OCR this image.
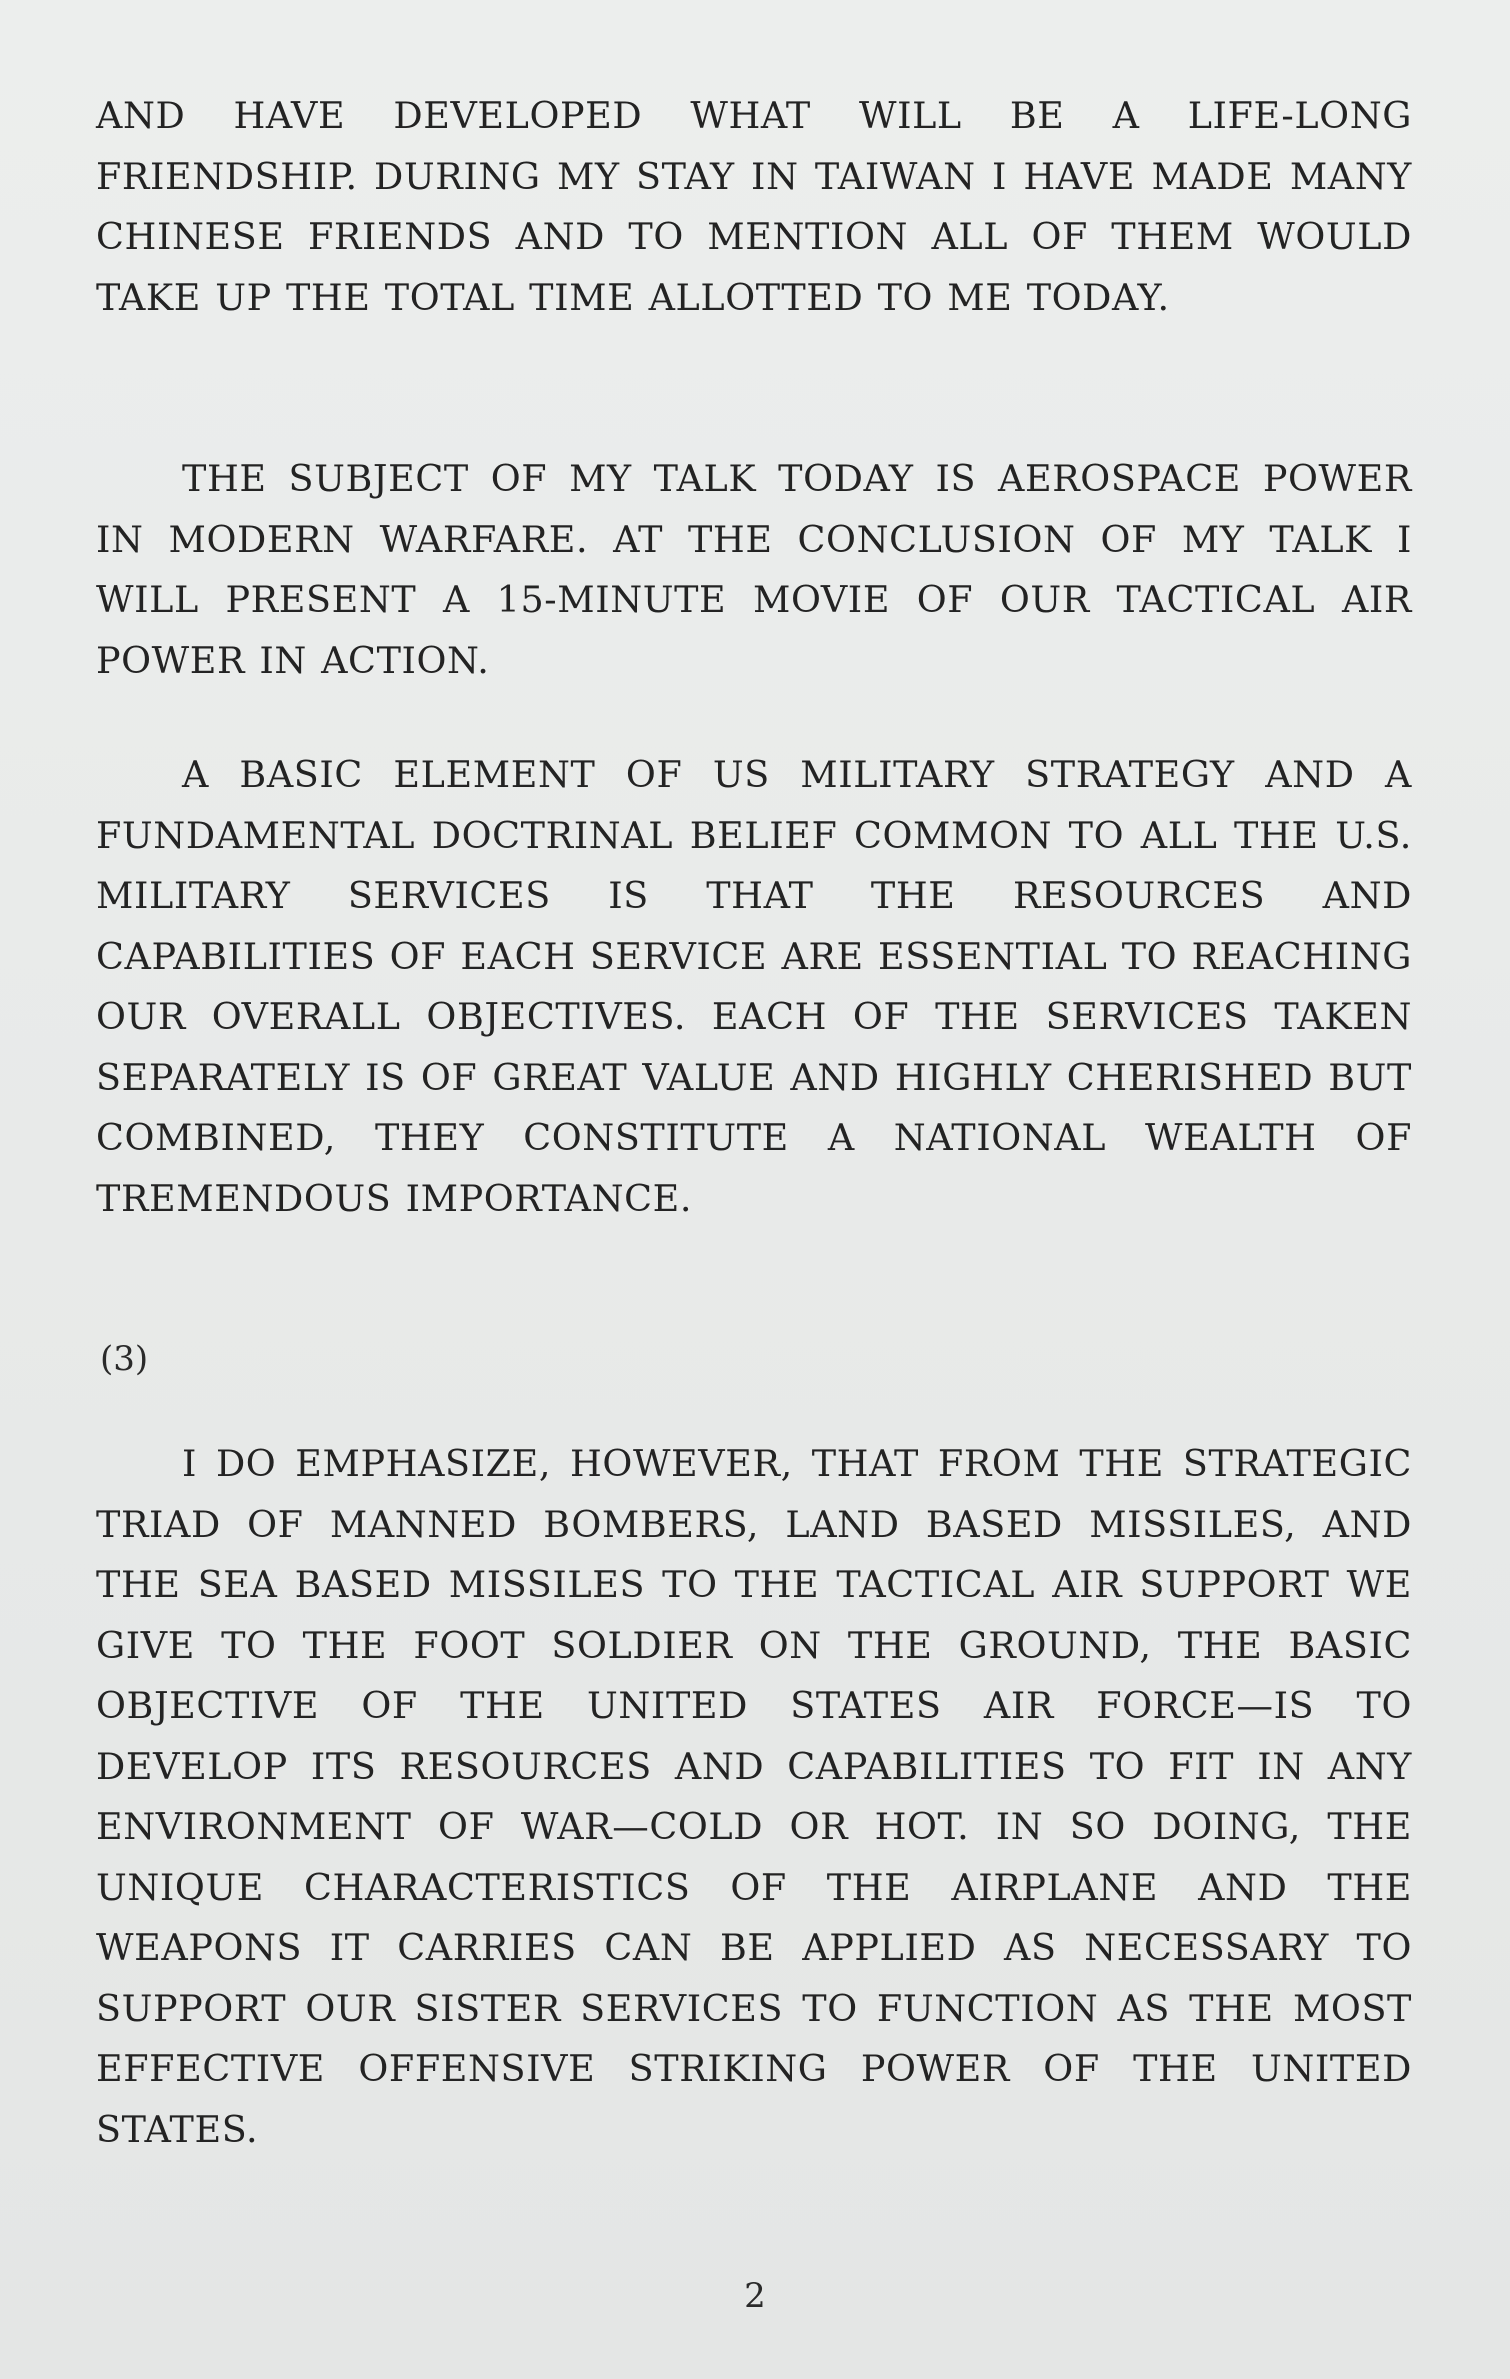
AND HAVE DEVELOPED WHAT WILL BE A LIFE-LONG FRIENDSHIP. DURING MY STAY IN TAIWAN I HAVE MADE MANY CHINESE FRIENDS AND TO MENTION ALL OF THEM WOULD TAKE UP THE TOTAL TIME ALLOTTED TO ME TODAY.

THE SUBJECT OF MY TALK TODAY IS AEROSPACE POWER IN MODERN WARFARE. AT THE CONCLUSION OF MY TALK I WILL PRESENT A 15-MINUTE MOVIE OF OUR TACTICAL AIR POWER IN ACTION.

A BASIC ELEMENT OF US MILITARY STRATEGY AND A FUNDAMENTAL DOCTRINAL BELIEF COMMON TO ALL THE U.S. MILITARY SERVICES IS THAT THE RESOURCES AND CAPABILITIES OF EACH SERVICE ARE ESSENTIAL TO REACHING OUR OVERALL OBJECTIVES. EACH OF THE SERVICES TAKEN SEPARATELY IS OF GREAT VALUE AND HIGHLY CHERISHED BUT COMBINED, THEY CONSTITUTE A NATIONAL WEALTH OF TREMENDOUS IMPORTANCE.

(3)

I DO EMPHASIZE, HOWEVER, THAT FROM THE STRATEGIC TRIAD OF MANNED BOMBERS, LAND BASED MISSILES, AND THE SEA BASED MISSILES TO THE TACTICAL AIR SUPPORT WE GIVE TO THE FOOT SOLDIER ON THE GROUND, THE BASIC OBJECTIVE OF THE UNITED STATES AIR FORCE—IS TO DEVELOP ITS RESOURCES AND CAPABILITIES TO FIT IN ANY ENVIRONMENT OF WAR—COLD OR HOT. IN SO DOING, THE UNIQUE CHARACTERISTICS OF THE AIRPLANE AND THE WEAPONS IT CARRIES CAN BE APPLIED AS NECESSARY TO SUPPORT OUR SISTER SERVICES TO FUNCTION AS THE MOST EFFECTIVE OFFENSIVE STRIKING POWER OF THE UNITED STATES.

2
